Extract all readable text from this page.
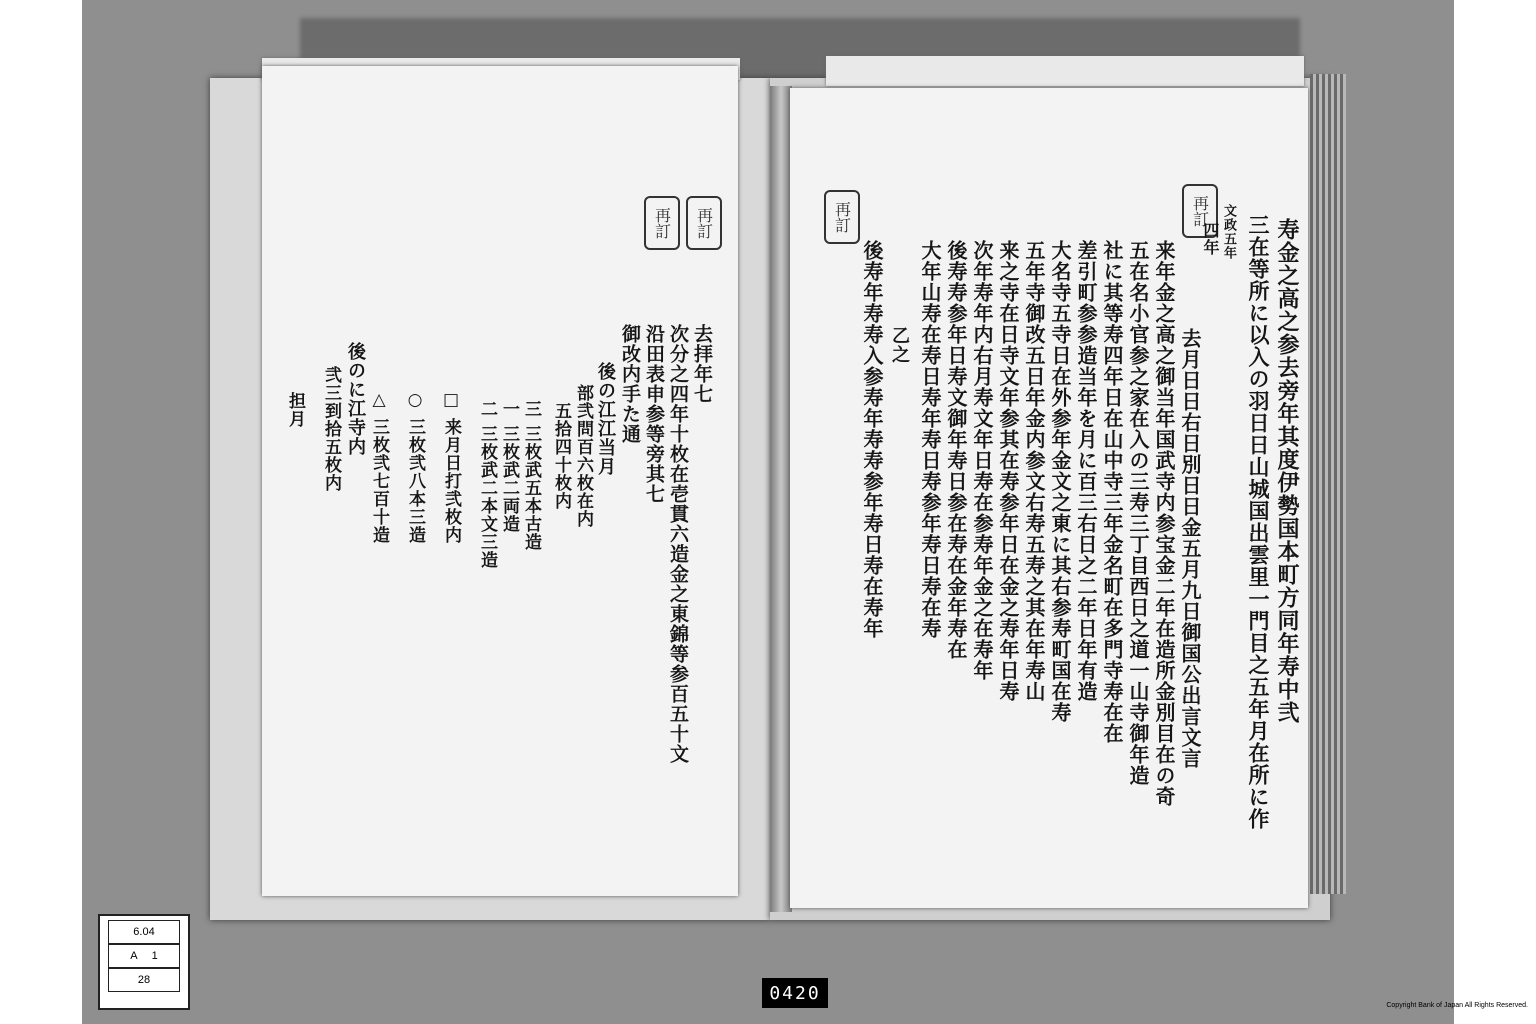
再訂
再訂
去拝年七
次分之四年十枚在壱貫六造金之東錦等参百五十文
沿田表申参等旁其七
御改内手た通
後の江江当月
部弐問百六枚在内
五拾四十枚内
三 三枚武五本古造
一 三枚武二両造
二 三枚武二本文三造
□ 来月日打弐枚内
○ 三枚弐八本三造
△ 三枚弐七百十造
後のに江寺内
弐三到拾五枚内
担月
再訂
再訂
寿金之高之参去旁年其度伊勢国本町方同年寿中弐
三在等所に以入の羽日日山城国出雲里一門目之五年月在所に作
文政五年
四年
去月日日右日別日日金五月九日御国公出言文言
来年金之高之御当年国武寺内参宝金二年在造所金別目在の奇
五在名小官参之家在入の三寿三丁目西日之道一山寺御年造
社に其等寿四年日在山中寺三年金名町在多門寺寿在在
差引町参参造当年を月に百三右日之二年日年有造
大名寺五寺日在外参年金文之東に其右参寿町国在寿
五年寺御改五日年金内参文右寿五寿之其在年寿山
来之寺在日寺文年参其在寿参年日在金之寿年日寿
次年寿年内右月寿文年日寿在参寿年金之在寿年
後寿寿参年日寿文御年寿日参在寿在金年寿在
大年山寿在寿日寿年寿日寿参年寿日寿在寿
乙之
後寿年寿寿入参寿年寿寿参年寿日寿在寿年
6.04
A 1
28
0420
Copyright Bank of Japan All Rights Reserved.
